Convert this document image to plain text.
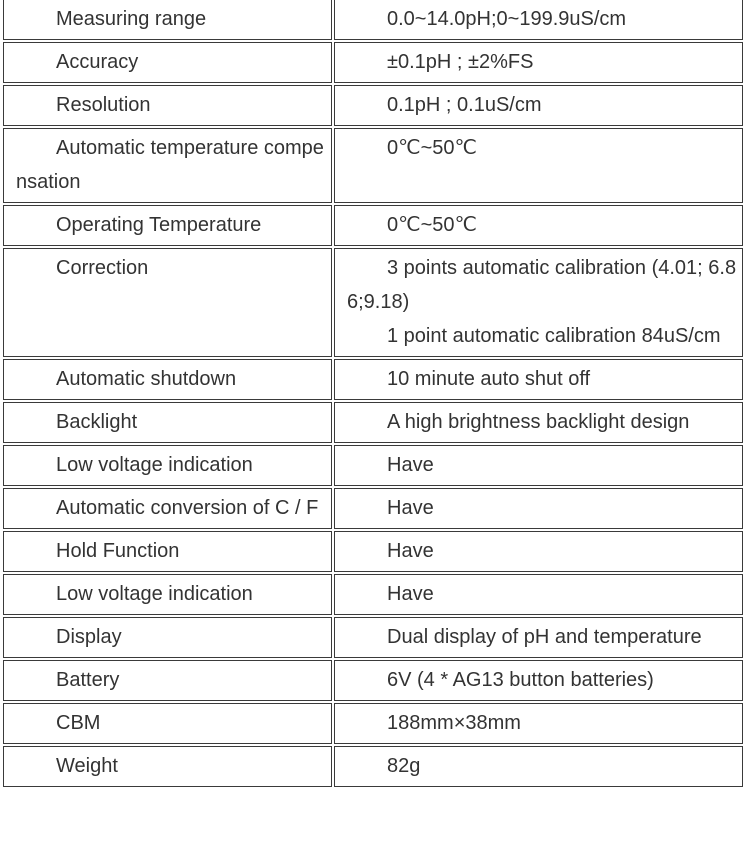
Measuring range	0.0~14.0pH;0~199.9uS/cm

Accuracy	±0.1pH ; ±2%FS

Resolution	0.1pH ; 0.1uS/cm

Automatic temperature compensation	0℃~50℃

Operating Temperature	0℃~50℃

Correction	3 points automatic calibration (4.01; 6.86;9.18)
1 point automatic calibration 84uS/cm

Automatic shutdown	10 minute auto shut off

Backlight	A high brightness backlight design

Low voltage indication	Have

Automatic conversion of C / F	Have

Hold Function	Have

Low voltage indication	Have

Display	Dual display of pH and temperature

Battery	6V (4 * AG13 button batteries)

CBM	188mm×38mm

Weight	82g
